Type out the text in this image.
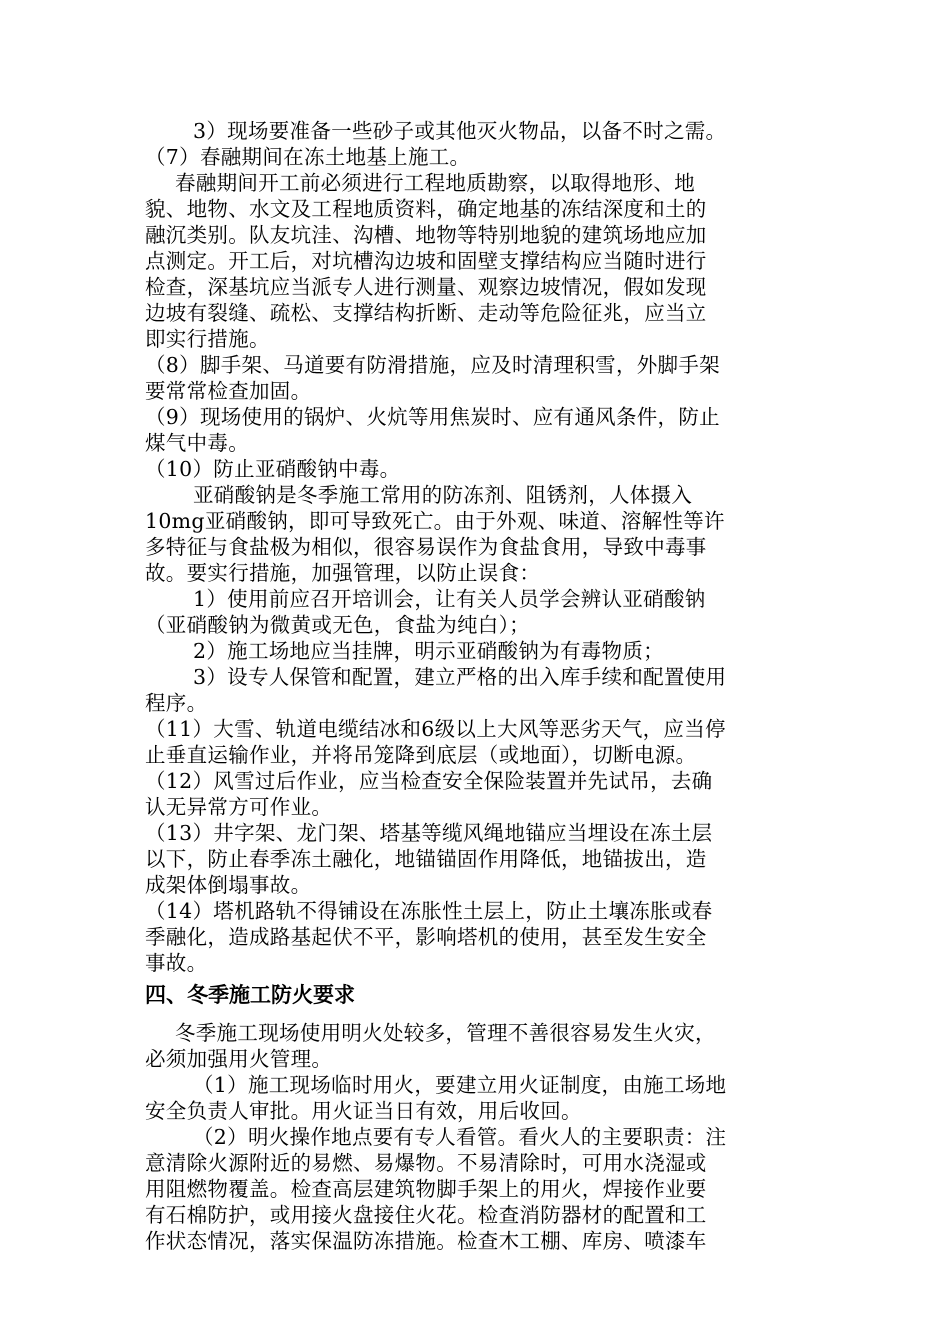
3）现场要准备一些砂子或其他灭火物品，以备不时之需。
（7）春融期间在冻土地基上施工。
春融期间开工前必须进行工程地质勘察，以取得地形、地
貌、地物、水文及工程地质资料，确定地基的冻结深度和土的
融沉类别。队友坑洼、沟槽、地物等特别地貌的建筑场地应加
点测定。开工后，对坑槽沟边坡和固壁支撑结构应当随时进行
检查，深基坑应当派专人进行测量、观察边坡情况，假如发现
边坡有裂缝、疏松、支撑结构折断、走动等危险征兆，应当立
即实行措施。
（8）脚手架、马道要有防滑措施，应及时清理积雪，外脚手架
要常常检查加固。
（9）现场使用的锅炉、火炕等用焦炭时、应有通风条件，防止
煤气中毒。
（10）防止亚硝酸钠中毒。
亚硝酸钠是冬季施工常用的防冻剂、阻锈剂，人体摄入
10mg亚硝酸钠，即可导致死亡。由于外观、味道、溶解性等许
多特征与食盐极为相似，很容易误作为食盐食用，导致中毒事
故。要实行措施，加强管理，以防止误食：
1）使用前应召开培训会，让有关人员学会辨认亚硝酸钠
（亚硝酸钠为微黄或无色，食盐为纯白）；
2）施工场地应当挂牌，明示亚硝酸钠为有毒物质；
3）设专人保管和配置，建立严格的出入库手续和配置使用
程序。
（11）大雪、轨道电缆结冰和6级以上大风等恶劣天气，应当停
止垂直运输作业，并将吊笼降到底层（或地面），切断电源。
（12）风雪过后作业，应当检查安全保险装置并先试吊，去确
认无异常方可作业。
（13）井字架、龙门架、塔基等缆风绳地锚应当埋设在冻土层
以下，防止春季冻土融化，地锚锚固作用降低，地锚拔出，造
成架体倒塌事故。
（14）塔机路轨不得铺设在冻胀性土层上，防止土壤冻胀或春
季融化，造成路基起伏不平，影响塔机的使用，甚至发生安全
事故。
四、冬季施工防火要求
冬季施工现场使用明火处较多，管理不善很容易发生火灾，
必须加强用火管理。
（1）施工现场临时用火，要建立用火证制度，由施工场地
安全负责人审批。用火证当日有效，用后收回。
（2）明火操作地点要有专人看管。看火人的主要职责：注
意清除火源附近的易燃、易爆物。不易清除时，可用水浇湿或
用阻燃物覆盖。检查高层建筑物脚手架上的用火，焊接作业要
有石棉防护，或用接火盘接住火花。检查消防器材的配置和工
作状态情况，落实保温防冻措施。检查木工棚、库房、喷漆车
